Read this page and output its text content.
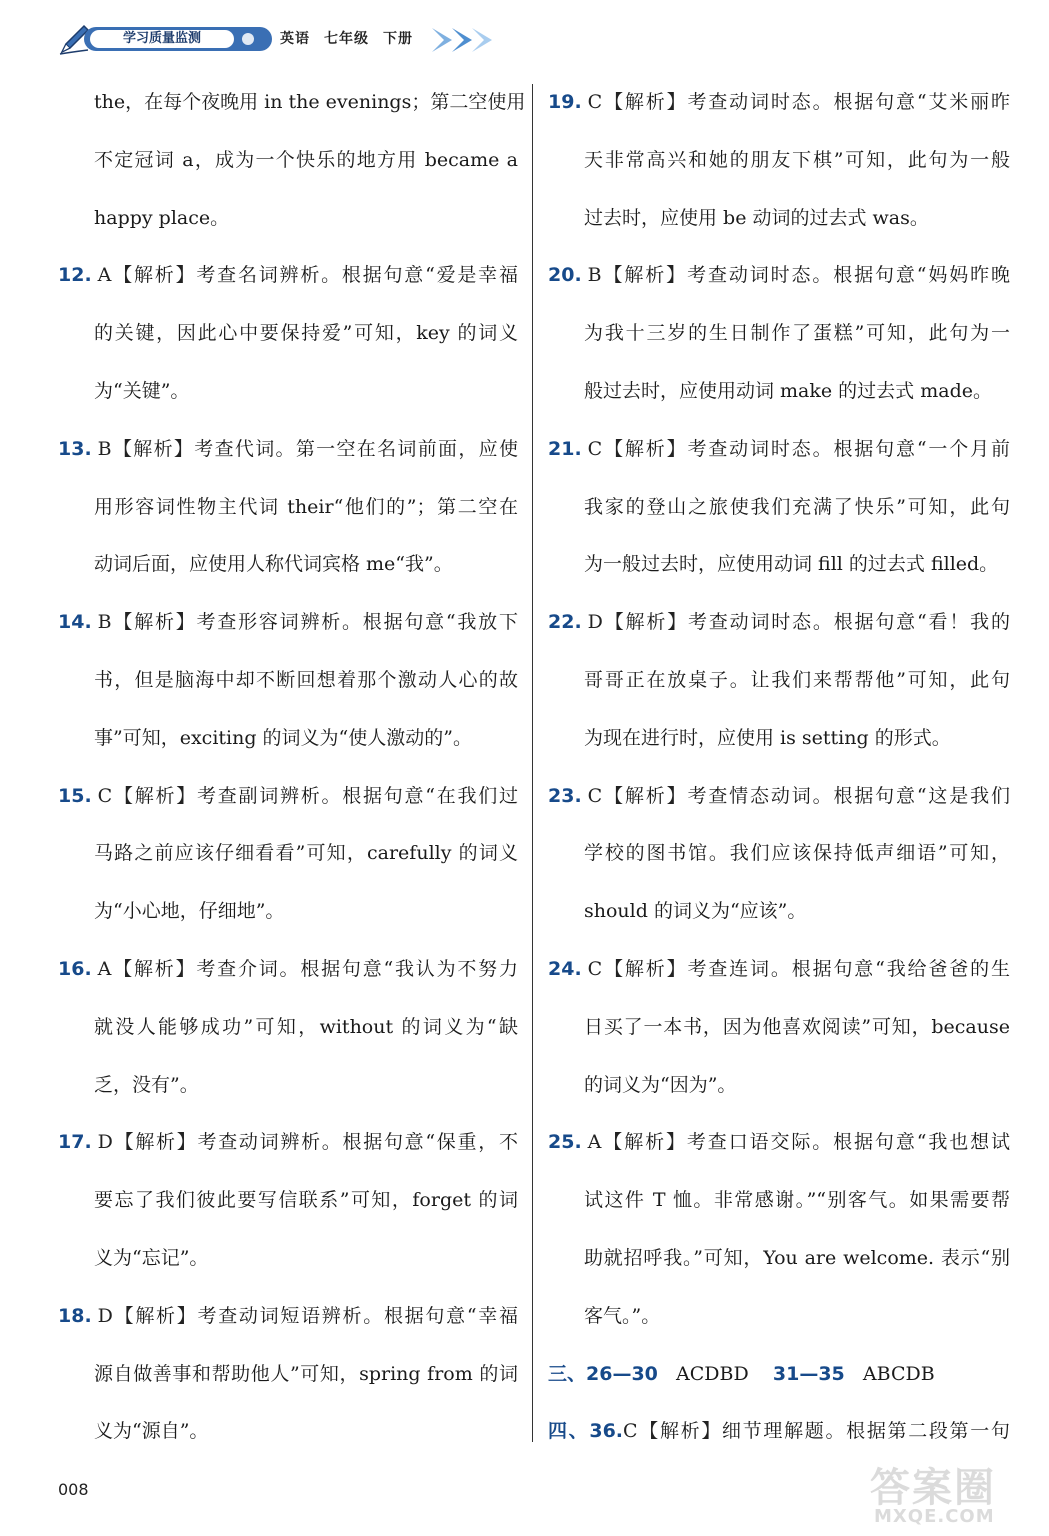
学习质量监测	英语 七年级 下册
the，在每个夜晚用 in the evenings；第二空使用
不定冠词 a，成为一个快乐的地方用 became a
happy place。
12. A【解析】考查名词辨析。根据句意“爱是幸福
的关键，因此心中要保持爱”可知，key 的词义
为“关键”。
13. B【解析】考查代词。第一空在名词前面，应使
用形容词性物主代词 their“他们的”；第二空在
动词后面，应使用人称代词宾格 me“我”。
14. B【解析】考查形容词辨析。根据句意“我放下
书，但是脑海中却不断回想着那个激动人心的故
事”可知，exciting 的词义为“使人激动的”。
15. C【解析】考查副词辨析。根据句意“在我们过
马路之前应该仔细看看”可知，carefully 的词义
为“小心地，仔细地”。
16. A【解析】考查介词。根据句意“我认为不努力
就没人能够成功”可知，without 的词义为“缺
乏，没有”。
17. D【解析】考查动词辨析。根据句意“保重，不
要忘了我们彼此要写信联系”可知，forget 的词
义为“忘记”。
18. D【解析】考查动词短语辨析。根据句意“幸福
源自做善事和帮助他人”可知，spring from 的词
义为“源自”。
19. C【解析】考查动词时态。根据句意“艾米丽昨
天非常高兴和她的朋友下棋”可知，此句为一般
过去时，应使用 be 动词的过去式 was。
20. B【解析】考查动词时态。根据句意“妈妈昨晚
为我十三岁的生日制作了蛋糕”可知，此句为一
般过去时，应使用动词 make 的过去式 made。
21. C【解析】考查动词时态。根据句意“一个月前
我家的登山之旅使我们充满了快乐”可知，此句
为一般过去时，应使用动词 fill 的过去式 filled。
22. D【解析】考查动词时态。根据句意“看！我的
哥哥正在放桌子。让我们来帮帮他”可知，此句
为现在进行时，应使用 is setting 的形式。
23. C【解析】考查情态动词。根据句意“这是我们
学校的图书馆。我们应该保持低声细语”可知，
should 的词义为“应该”。
24. C【解析】考查连词。根据句意“我给爸爸的生
日买了一本书，因为他喜欢阅读”可知，because
的词义为“因为”。
25. A【解析】考查口语交际。根据句意“我也想试
试这件 T 恤。非常感谢。”“别客气。如果需要帮
助就招呼我。”可知，You are welcome. 表示“别
客气。”。
三、26—30 ACDBD 31—35 ABCDB
四、36.C【解析】细节理解题。根据第二段第一句
008	答案圈
MXQE.COM
